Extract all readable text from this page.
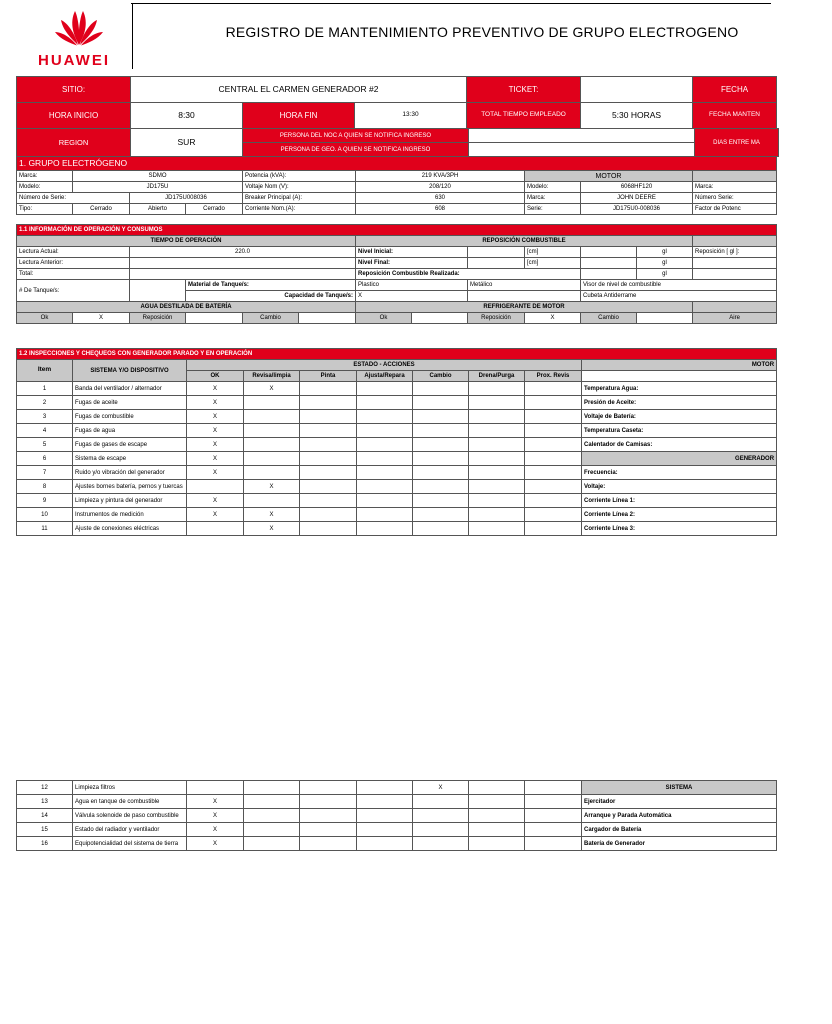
HUAWEI
REGISTRO DE MANTENIMIENTO PREVENTIVO DE GRUPO ELECTROGENO
SITIO:	CENTRAL EL CARMEN GENERADOR #2			TICKET:		FECHA
HORA INICIO	8:30	HORA FIN	13:30	TOTAL TIEMPO EMPLEADO	5:30 HORAS	FECHA MANTEN
REGION	SUR	PERSONA DEL NOC A QUIEN SE NOTIFICA INGRESO		DIAS ENTRE MA
		PERSONA DE GEO. A QUIEN SE NOTIFICA INGRESO		
1. GRUPO ELECTRÓGENO								
Marca:	SDMO			Potencia (kVA):	219 KVA/3PH	MOTOR		
Modelo:	JD175U			Voltaje Nom (V):	208/120	Modelo:	6068HF120	Marca:
Número de Serie:		JD175U008036		Breaker Principal (A):	630	Marca:	JOHN DEERE	Número Serie:
Tipo:	Cerrado	Abierto	Cerrado	Corriente Nom.(A):	608	Serie:	JD175U0-008036	Factor de Potenc
1.1 INFORMACIÓN DE OPERACIÓN Y CONSUMOS													
TIEMPO DE OPERACIÓN						REPOSICIÓN COMBUSTIBLE							
Lectura Actual:		220.0				Nivel Inicial:			[cm]		gl	Reposición [ gl ]:	
Lectura Anterior:						Nivel Final:			[cm]		gl		
Total:						Reposición Combustible Realizada:					gl		
# De Tanque/s:			Material de Tanque/s:			Plastico		Metálico		Visor de nivel de combustible	
			Capacidad de Tanque/s:			X				Cubeta Antiderrame	
AGUA DESTILADA DE BATERÍA						REFRIGERANTE DE MOTOR							
Ok	X	Reposición		Cambio		Ok		Reposición	X	Cambio		Aire	
1.2 INSPECCIONES Y CHEQUEOS CON GENERADOR PARADO Y EN OPERACIÓN									
Item	SISTEMA Y/O DISPOSITIVO	ESTADO - ACCIONES							MOTOR
		OK	Revisa/limpia	Pinta	Ajusta/Repara	Cambio	Drena/Purga	Prox. Revis	
1	Banda del ventilador / alternador	X	X						Temperatura Agua:
2	Fugas de aceite	X							Presión de Aceite:
3	Fugas de combustible	X							Voltaje de Batería:
4	Fugas de agua	X							Temperatura Caseta:
5	Fugas de gases de escape	X							Calentador de Camisas:
6	Sistema de escape	X							GENERADOR
7	Ruido y/o vibración del generador	X							Frecuencia:
8	Ajustes bornes batería, pernos y tuercas		X						Voltaje:
9	Limpieza y pintura del generador	X							Corriente Línea 1:
10	Instrumentos de medición	X	X						Corriente Línea 2:
11	Ajuste de conexiones eléctricas		X						Corriente Línea 3:
12	Limpieza filtros					X			SISTEMA
13	Agua en tanque de combustible	X							Ejercitador
14	Válvula solenoide de paso combustible	X							Arranque y Parada Automática
15	Estado del radiador y ventilador	X							Cargador de Batería
16	Equipotencialidad del sistema de tierra	X							Batería de Generador
